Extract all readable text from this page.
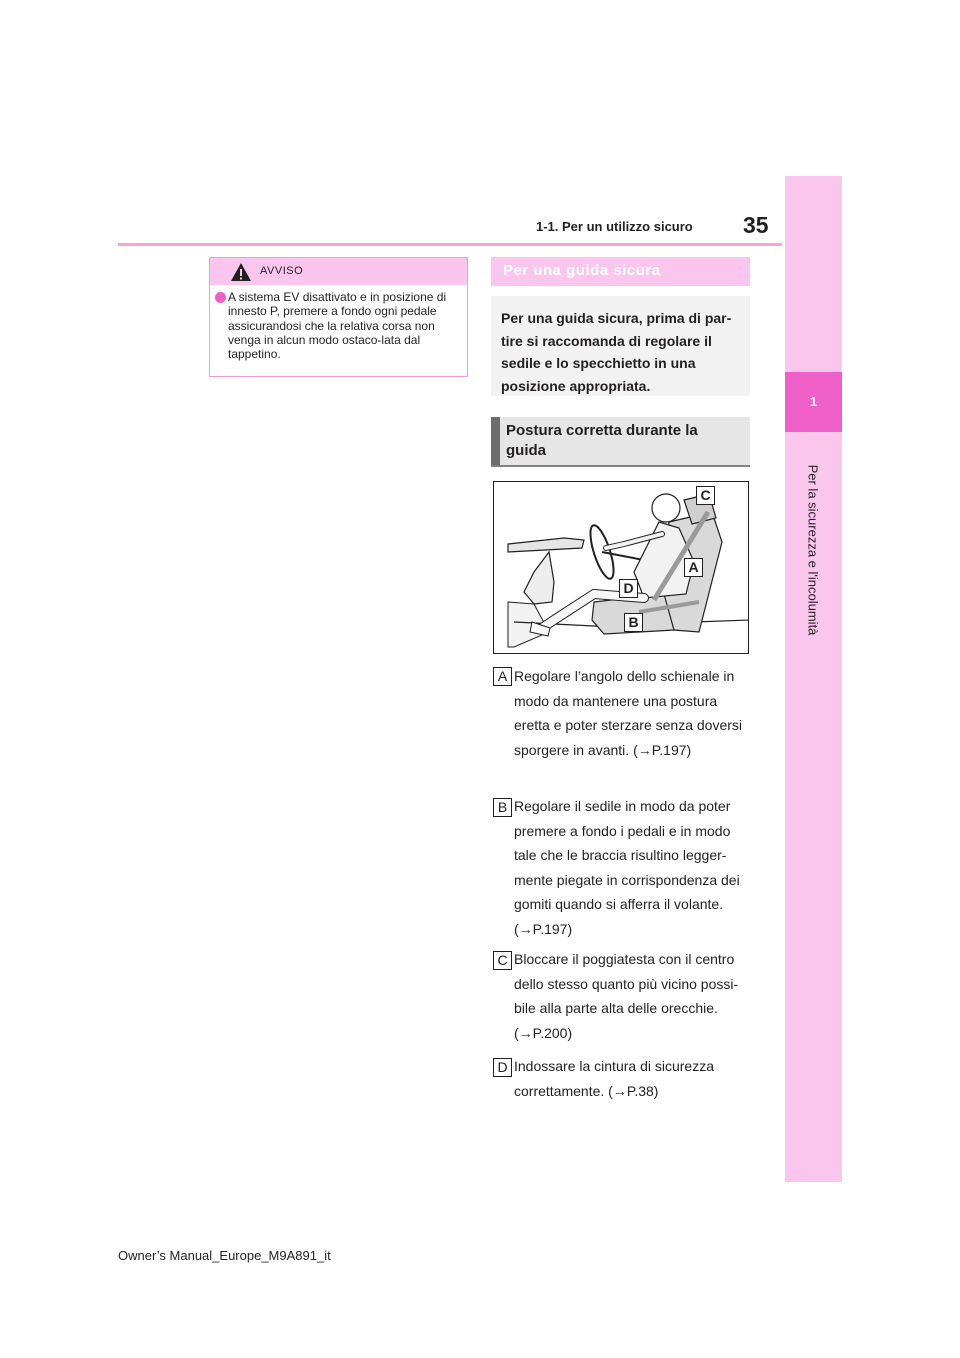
1-1. Per un utilizzo sicuro 35
1
Per la sicurezza e l'incolumità
AVVISO
A sistema EV disattivato e in posizione di innesto P, premere a fondo ogni pedale assicurandosi che la relativa corsa non venga in alcun modo ostaco-lata dal tappetino.
Per una guida sicura
Per una guida sicura, prima di par-tire si raccomanda di regolare il sedile e lo specchietto in una posizione appropriata.
Postura corretta durante la guida
C
A
D
B
A Regolare l’angolo dello schienale in modo da mantenere una postura eretta e poter sterzare senza doversi sporgere in avanti. (→P.197)
B Regolare il sedile in modo da poter premere a fondo i pedali e in modo tale che le braccia risultino legger-mente piegate in corrispondenza dei gomiti quando si afferra il volante. (→P.197)
C Bloccare il poggiatesta con il centro dello stesso quanto più vicino possi-bile alla parte alta delle orecchie. (→P.200)
D Indossare la cintura di sicurezza correttamente. (→P.38)
Owner’s Manual_Europe_M9A891_it
